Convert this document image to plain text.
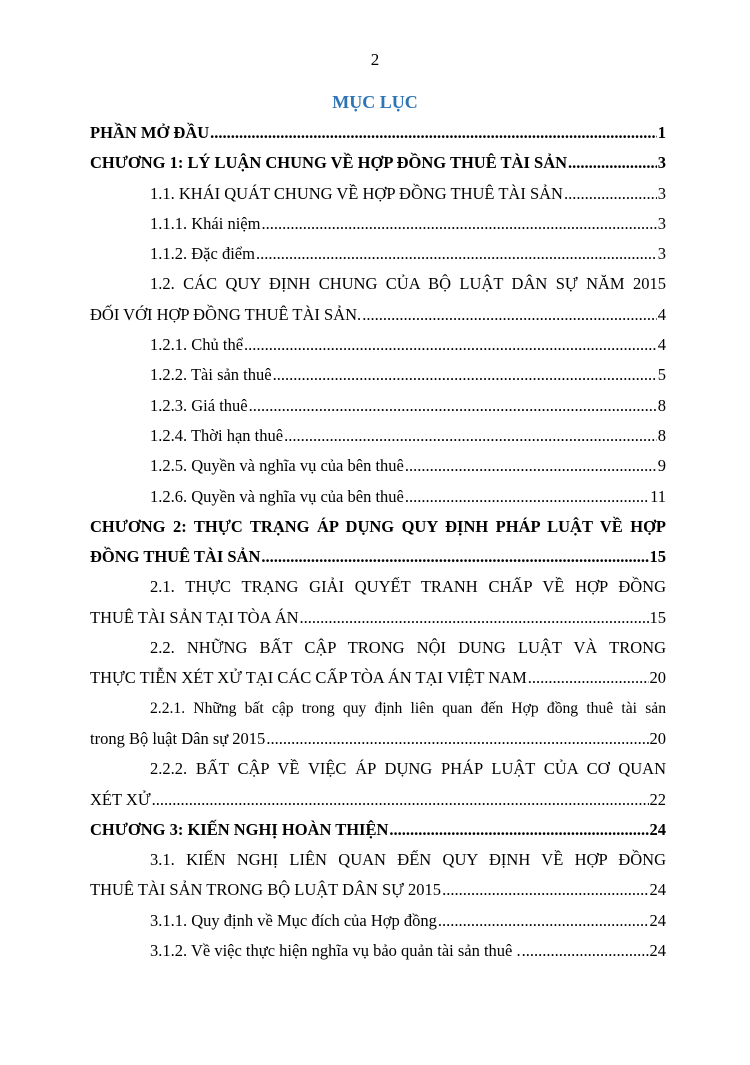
2
MỤC LỤC
PHẦN MỞ ĐẦU .....	1
CHƯƠNG 1: LÝ LUẬN CHUNG VỀ HỢP ĐỒNG THUÊ TÀI SẢN .....	3
1.1. KHÁI QUÁT CHUNG VỀ HỢP ĐỒNG THUÊ TÀI SẢN .....	3
1.1.1. Khái niệm .....	3
1.1.2. Đặc điểm .....	3
1.2. CÁC QUY ĐỊNH CHUNG CỦA BỘ LUẬT DÂN SỰ NĂM 2015
ĐỐI VỚI HỢP ĐỒNG THUÊ TÀI SẢN. .....	4
1.2.1. Chủ thể .....	4
1.2.2. Tài sản thuê .....	5
1.2.3. Giá thuê .....	8
1.2.4. Thời hạn thuê .....	8
1.2.5. Quyền và nghĩa vụ của bên thuê .....	9
1.2.6. Quyền và nghĩa vụ của bên thuê .....	11
CHƯƠNG 2: THỰC TRẠNG ÁP DỤNG QUY ĐỊNH PHÁP LUẬT VỀ HỢP
ĐỒNG THUÊ TÀI SẢN .....	15
2.1. THỰC TRẠNG GIẢI QUYẾT TRANH CHẤP VỀ HỢP ĐỒNG
THUÊ TÀI SẢN TẠI TÒA ÁN .....	15
2.2. NHỮNG BẤT CẬP TRONG NỘI DUNG LUẬT VÀ TRONG
THỰC TIỄN XÉT XỬ TẠI CÁC CẤP TÒA ÁN TẠI VIỆT NAM .....	20
2.2.1. Những bất cập trong quy định liên quan đến Hợp đồng thuê tài sản
trong Bộ luật Dân sự 2015 .....	20
2.2.2. BẤT CẬP VỀ VIỆC ÁP DỤNG PHÁP LUẬT CỦA CƠ QUAN
XÉT XỬ .....	22
CHƯƠNG 3: KIẾN NGHỊ HOÀN THIỆN .....	24
3.1. KIẾN NGHỊ LIÊN QUAN ĐẾN QUY ĐỊNH VỀ HỢP ĐỒNG
THUÊ TÀI SẢN TRONG BỘ LUẬT DÂN SỰ 2015 .....	24
3.1.1. Quy định về Mục đích của Hợp đồng .....	24
3.1.2. Về việc thực hiện nghĩa vụ bảo quản tài sản thuê . .....	24
